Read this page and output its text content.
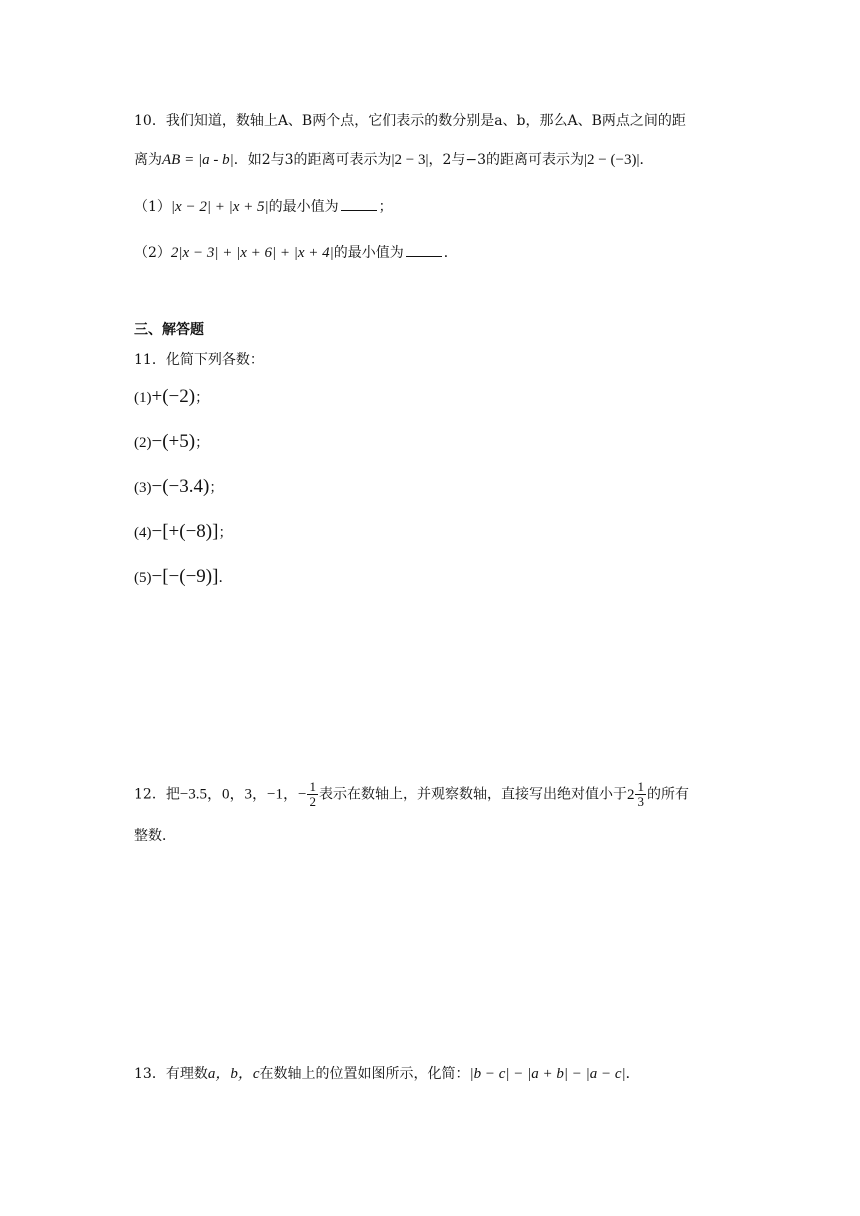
10．我们知道，数轴上A、B两个点，它们表示的数分别是a、b，那么A、B两点之间的距
离为AB = |a - b|．如2与3的距离可表示为|2 − 3|，2与−3的距离可表示为|2 − (−3)|．
（1）|x − 2| + |x + 5|的最小值为	；
（2）2|x − 3| + |x + 6| + |x + 4|的最小值为	．
三、解答题
11．化简下列各数：
(1)+(−2)；
(2)−(+5)；
(3)−(−3.4)；
(4)−[+(−8)]；
(5)−[−(−9)]．
12．把−3.5，0，3，−1，− $\frac{1}{2}$ 表示在数轴上，并观察数轴，直接写出绝对值小于 $2 \frac{1}{3}$ 的所有
整数．
13．有理数a，b，c在数轴上的位置如图所示，化简：|b − c| − |a + b| − |a − c|．
